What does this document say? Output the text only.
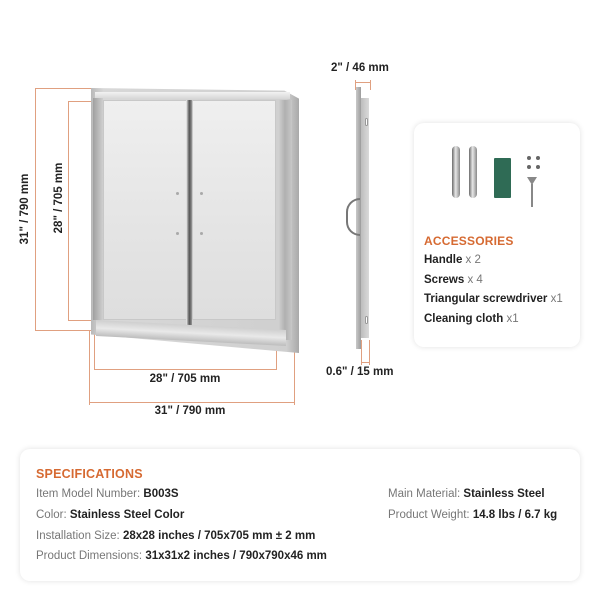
31" / 790 mm 28" / 705 mm
28" / 705 mm
31" / 790 mm
2" / 46 mm
0.6" / 15 mm
ACCESSORIES
Handle x 2
Screws x 4
Triangular screwdriver x1
Cleaning cloth x1
SPECIFICATIONS
Item Model Number: B003S
Color: Stainless Steel Color
Installation Size: 28x28 inches / 705x705 mm ± 2 mm
Product Dimensions: 31x31x2 inches / 790x790x46 mm
Main Material: Stainless Steel
Product Weight: 14.8 lbs / 6.7 kg
